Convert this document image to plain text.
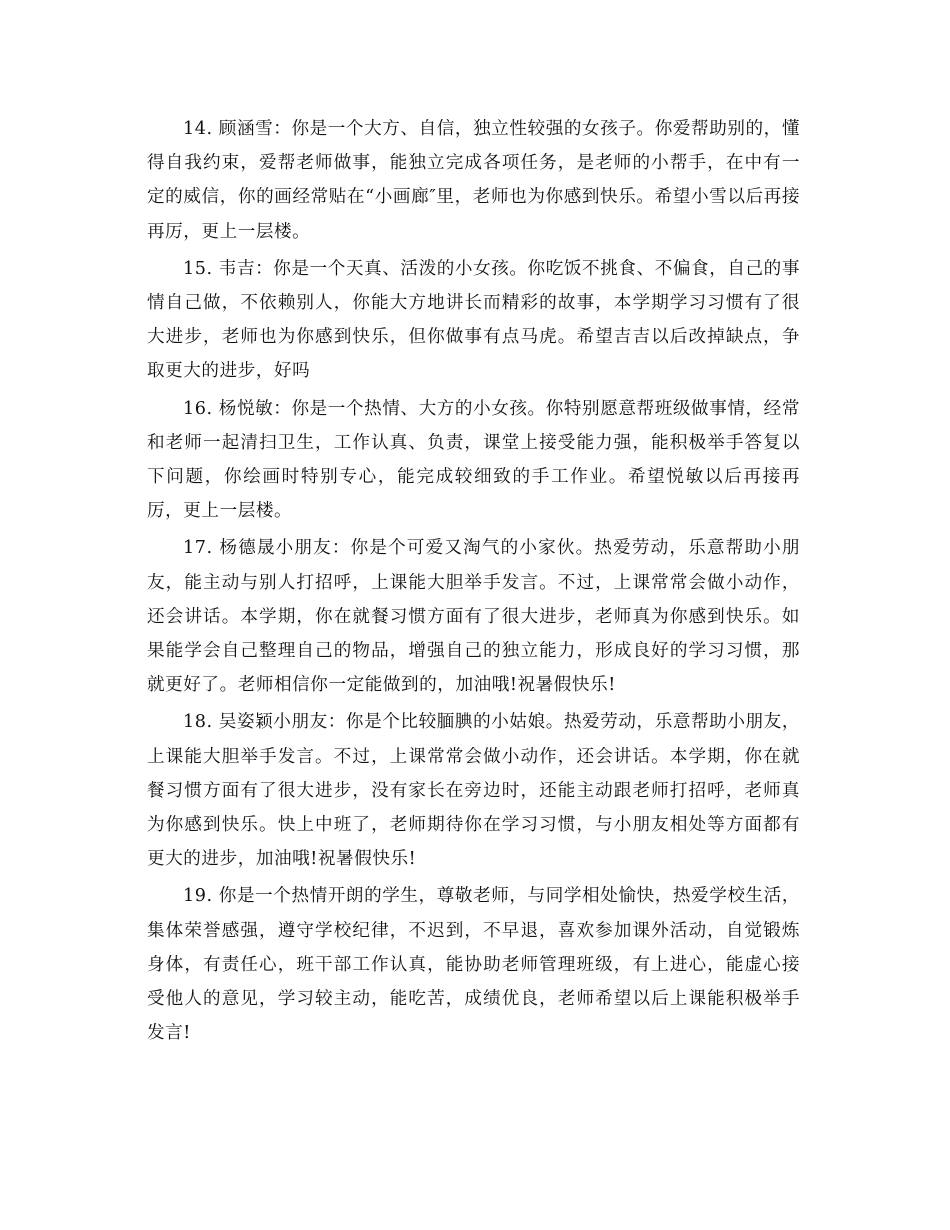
14. 顾涵雪：你是一个大方、自信，独立性较强的女孩子。你爱帮助别的，懂得自我约束，爱帮老师做事，能独立完成各项任务，是老师的小帮手，在中有一定的威信，你的画经常贴在“小画廊″里，老师也为你感到快乐。希望小雪以后再接再厉，更上一层楼。

15. 韦吉：你是一个天真、活泼的小女孩。你吃饭不挑食、不偏食，自己的事情自己做，不依赖别人，你能大方地讲长而精彩的故事，本学期学习习惯有了很大进步，老师也为你感到快乐，但你做事有点马虎。希望吉吉以后改掉缺点，争取更大的进步，好吗

16. 杨悦敏：你是一个热情、大方的小女孩。你特别愿意帮班级做事情，经常和老师一起清扫卫生，工作认真、负责，课堂上接受能力强，能积极举手答复以下问题，你绘画时特别专心，能完成较细致的手工作业。希望悦敏以后再接再厉，更上一层楼。

17. 杨德晟小朋友：你是个可爱又淘气的小家伙。热爱劳动，乐意帮助小朋友，能主动与别人打招呼，上课能大胆举手发言。不过，上课常常会做小动作，还会讲话。本学期，你在就餐习惯方面有了很大进步，老师真为你感到快乐。如果能学会自己整理自己的物品，增强自己的独立能力，形成良好的学习习惯，那就更好了。老师相信你一定能做到的，加油哦!祝暑假快乐!

18. 吴姿颖小朋友：你是个比较腼腆的小姑娘。热爱劳动，乐意帮助小朋友，上课能大胆举手发言。不过，上课常常会做小动作，还会讲话。本学期，你在就餐习惯方面有了很大进步，没有家长在旁边时，还能主动跟老师打招呼，老师真为你感到快乐。快上中班了，老师期待你在学习习惯，与小朋友相处等方面都有更大的进步，加油哦!祝暑假快乐!

19. 你是一个热情开朗的学生，尊敬老师，与同学相处愉快，热爱学校生活，集体荣誉感强，遵守学校纪律，不迟到，不早退，喜欢参加课外活动，自觉锻炼身体，有责任心，班干部工作认真，能协助老师管理班级，有上进心，能虚心接受他人的意见，学习较主动，能吃苦，成绩优良，老师希望以后上课能积极举手发言!
